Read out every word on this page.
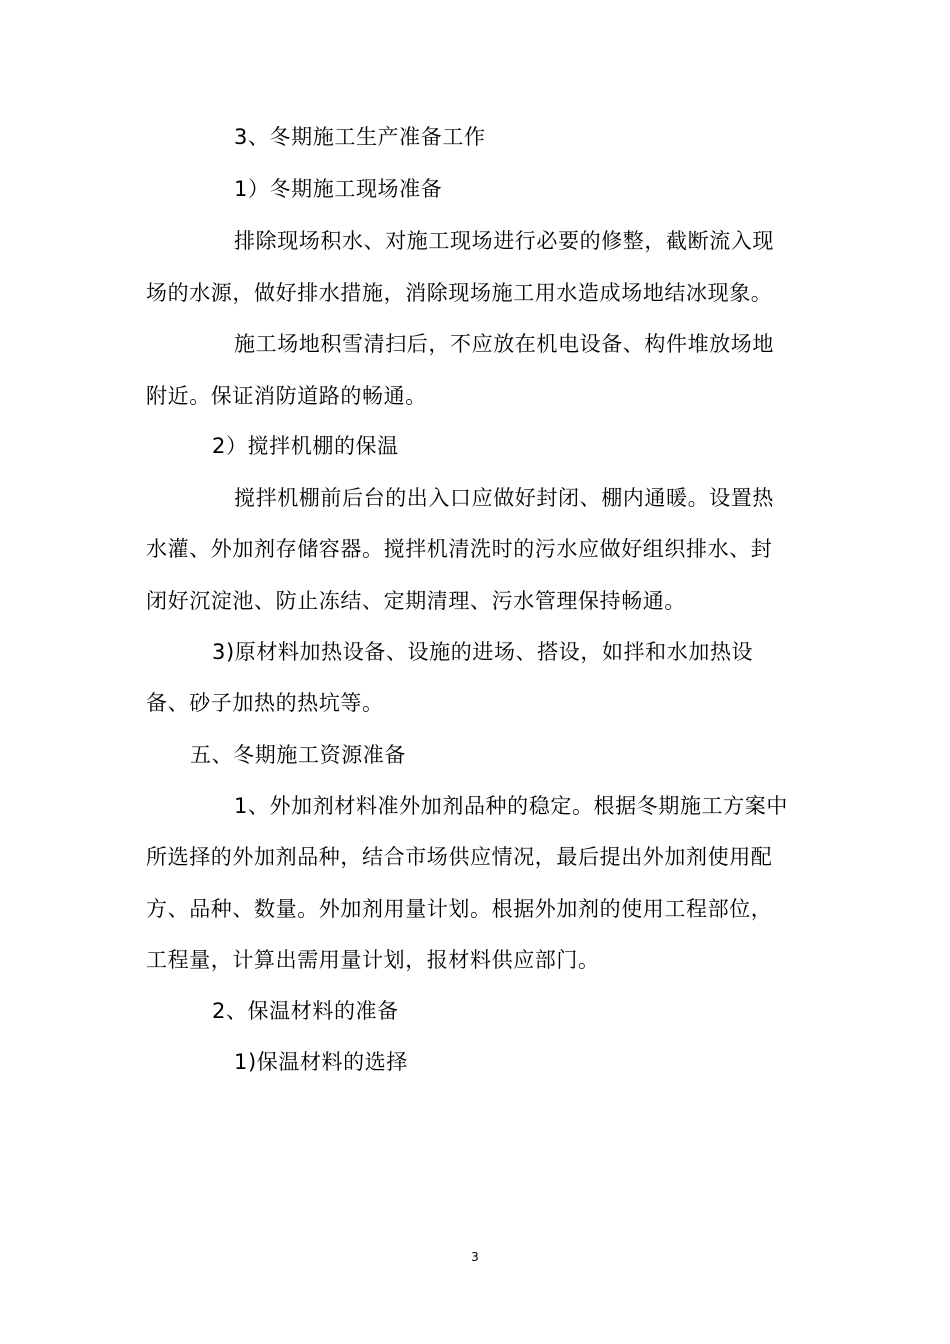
3、冬期施工生产准备工作
1）冬期施工现场准备
排除现场积水、对施工现场进行必要的修整，截断流入现
场的水源，做好排水措施，消除现场施工用水造成场地结冰现象。
施工场地积雪清扫后，不应放在机电设备、构件堆放场地
附近。保证消防道路的畅通。
2）搅拌机棚的保温
搅拌机棚前后台的出入口应做好封闭、棚内通暖。设置热
水灌、外加剂存储容器。搅拌机清洗时的污水应做好组织排水、封
闭好沉淀池、防止冻结、定期清理、污水管理保持畅通。
3)原材料加热设备、设施的进场、搭设，如拌和水加热设
备、砂子加热的热坑等。
五、冬期施工资源准备
1、外加剂材料准外加剂品种的稳定。根据冬期施工方案中
所选择的外加剂品种，结合市场供应情况，最后提出外加剂使用配
方、品种、数量。外加剂用量计划。根据外加剂的使用工程部位，
工程量，计算出需用量计划，报材料供应部门。
2、保温材料的准备
1)保温材料的选择
3
